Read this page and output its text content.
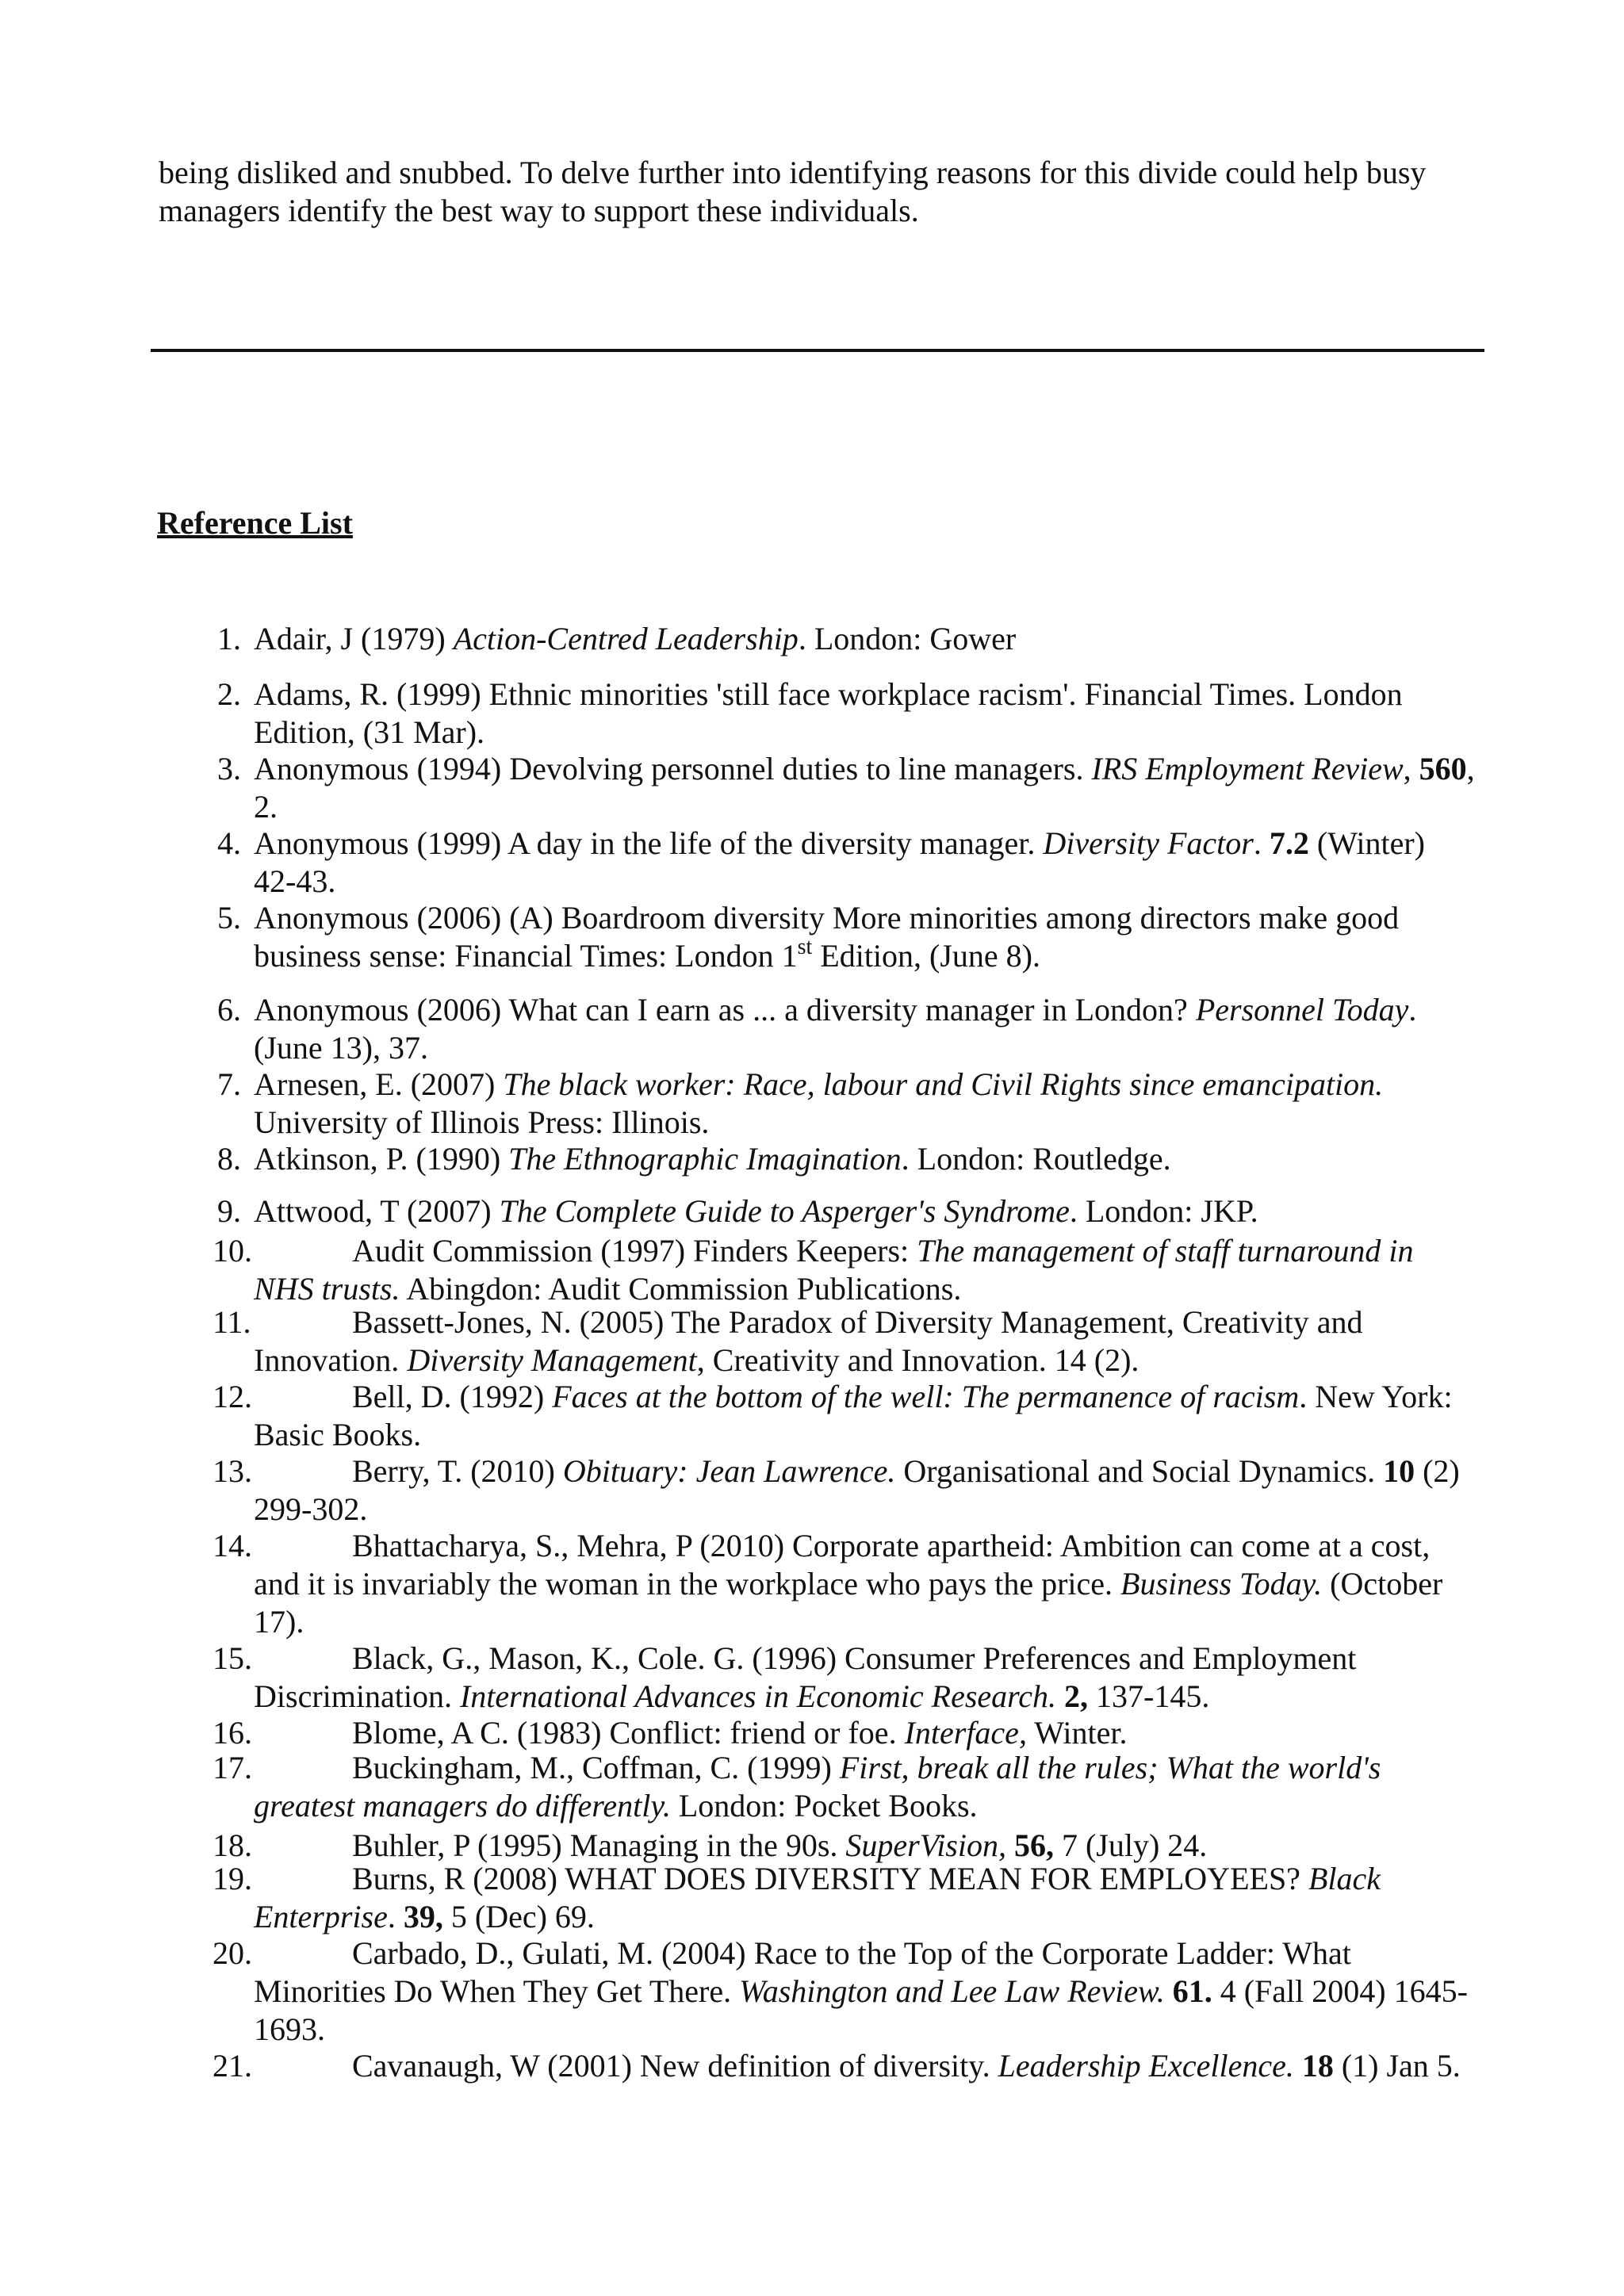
being disliked and snubbed. To delve further into identifying reasons for this divide could help busy managers identify the best way to support these individuals.

Reference List
1. Adair, J (1979) Action-Centred Leadership. London: Gower
2. Adams, R. (1999) Ethnic minorities 'still face workplace racism'. Financial Times. London Edition, (31 Mar).
3. Anonymous (1994) Devolving personnel duties to line managers. IRS Employment Review, 560, 2.
4. Anonymous (1999) A day in the life of the diversity manager. Diversity Factor. 7.2 (Winter) 42-43.
5. Anonymous (2006) (A) Boardroom diversity More minorities among directors make good business sense: Financial Times: London 1st Edition, (June 8).
6. Anonymous (2006) What can I earn as ... a diversity manager in London? Personnel Today. (June 13), 37.
7. Arnesen, E. (2007) The black worker: Race, labour and Civil Rights since emancipation. University of Illinois Press: Illinois.
8. Atkinson, P. (1990) The Ethnographic Imagination. London: Routledge.
9. Attwood, T (2007) The Complete Guide to Asperger's Syndrome. London: JKP.
10.	Audit Commission (1997) Finders Keepers: The management of staff turnaround in NHS trusts. Abingdon: Audit Commission Publications.
11.	Bassett-Jones, N. (2005) The Paradox of Diversity Management, Creativity and Innovation. Diversity Management, Creativity and Innovation. 14 (2).
12.	Bell, D. (1992) Faces at the bottom of the well: The permanence of racism. New York: Basic Books.
13.	Berry, T. (2010) Obituary: Jean Lawrence. Organisational and Social Dynamics. 10 (2) 299-302.
14.	Bhattacharya, S., Mehra, P (2010) Corporate apartheid: Ambition can come at a cost, and it is invariably the woman in the workplace who pays the price. Business Today. (October 17).
15.	Black, G., Mason, K., Cole. G. (1996) Consumer Preferences and Employment Discrimination. International Advances in Economic Research. 2, 137-145.
16.	Blome, A C. (1983) Conflict: friend or foe. Interface, Winter.
17.	Buckingham, M., Coffman, C. (1999) First, break all the rules; What the world's greatest managers do differently. London: Pocket Books.
18.	Buhler, P (1995) Managing in the 90s. SuperVision, 56, 7 (July) 24.
19.	Burns, R (2008) WHAT DOES DIVERSITY MEAN FOR EMPLOYEES? Black Enterprise. 39, 5 (Dec) 69.
20.	Carbado, D., Gulati, M. (2004) Race to the Top of the Corporate Ladder: What Minorities Do When They Get There. Washington and Lee Law Review. 61. 4 (Fall 2004) 1645-1693.
21.	Cavanaugh, W (2001) New definition of diversity. Leadership Excellence. 18 (1) Jan 5.
